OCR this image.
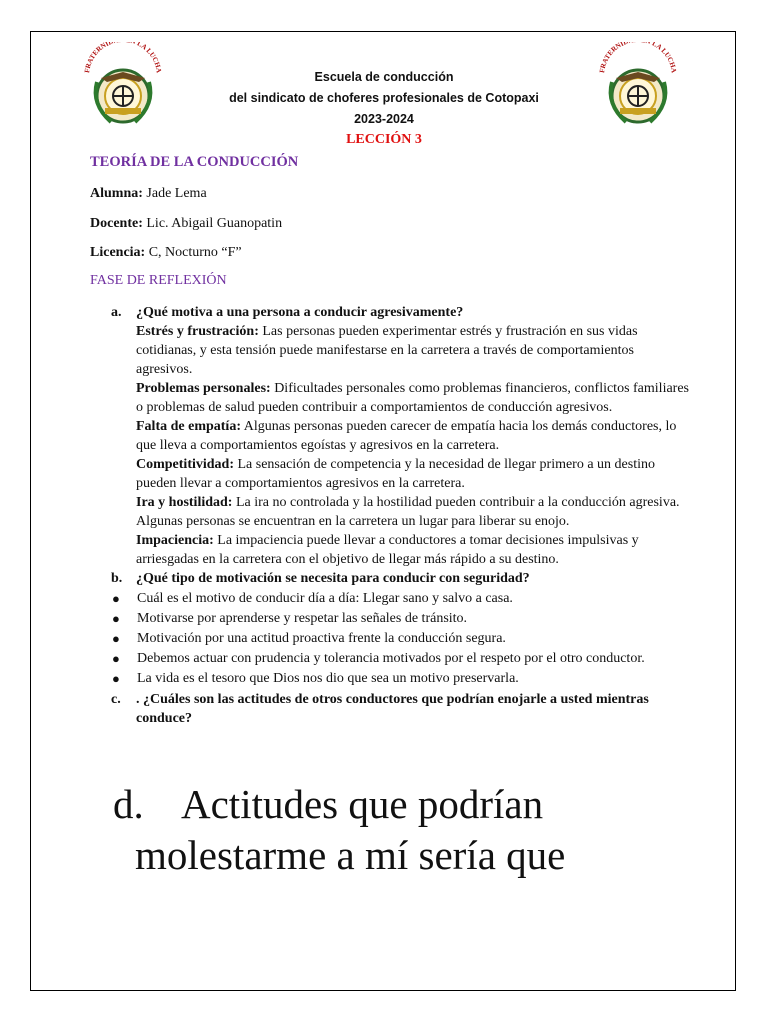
FRATERNID LA LUCHA	FRATERNID LA LUCHA
Escuela de conducción
del sindicato de choferes profesionales de Cotopaxi
2023-2024
LECCIÓN 3
TEORÍA DE LA CONDUCCIÓN
Alumna: Jade Lema
Docente: Lic. Abigail Guanopatin
Licencia: C, Nocturno “F”
FASE DE REFLEXIÓN
a.	¿Qué motiva a una persona a conducir agresivamente?
Estrés y frustración: Las personas pueden experimentar estrés y frustración en sus vidas cotidianas, y esta tensión puede manifestarse en la carretera a través de comportamientos agresivos.
Problemas personales: Dificultades personales como problemas financieros, conflictos familiares o problemas de salud pueden contribuir a comportamientos de conducción agresivos.
Falta de empatía: Algunas personas pueden carecer de empatía hacia los demás conductores, lo que lleva a comportamientos egoístas y agresivos en la carretera.
Competitividad: La sensación de competencia y la necesidad de llegar primero a un destino pueden llevar a comportamientos agresivos en la carretera.
Ira y hostilidad: La ira no controlada y la hostilidad pueden contribuir a la conducción agresiva. Algunas personas se encuentran en la carretera un lugar para liberar su enojo.
Impaciencia: La impaciencia puede llevar a conductores a tomar decisiones impulsivas y arriesgadas en la carretera con el objetivo de llegar más rápido a su destino.
b. ¿Qué tipo de motivación se necesita para conducir con seguridad?
●	Cuál es el motivo de conducir día a día: Llegar sano y salvo a casa.
●	Motivarse por aprenderse y respetar las señales de tránsito.
●	Motivación por una actitud proactiva frente la conducción segura.
●	Debemos actuar con prudencia y tolerancia motivados por el respeto por el otro conductor.
●	La vida es el tesoro que Dios nos dio que sea un motivo preservarla.
c.	. ¿Cuáles son las actitudes de otros conductores que podrían enojarle a usted mientras conduce?
d. Actitudes que podrían
molestarme a mí sería que
